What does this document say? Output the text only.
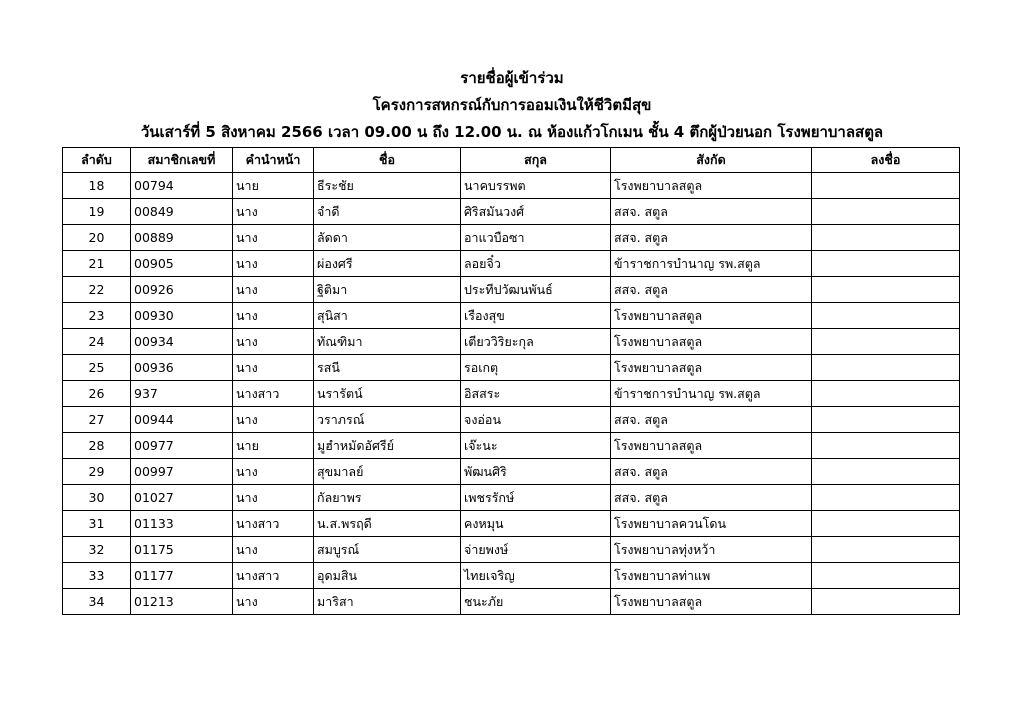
รายชื่อผู้เข้าร่วม
โครงการสหกรณ์กับการออมเงินให้ชีวิตมีสุข
วันเสาร์ที่ 5 สิงหาคม 2566 เวลา 09.00 น ถึง 12.00 น. ณ ห้องแก้วโกเมน ชั้น 4 ตึกผู้ป่วยนอก โรงพยาบาลสตูล
ลำดับ	สมาชิกเลขที่	คำนำหน้า	ชื่อ	สกุล	สังกัด	ลงชื่อ
18	00794	นาย	ธีระชัย	นาคบรรพต	โรงพยาบาลสตูล	
19	00849	นาง	จำดี	ศิริสมันวงศ์	สสจ. สตูล	
20	00889	นาง	ลัดดา	อาแวบือซา	สสจ. สตูล	
21	00905	นาง	ผ่องศรี	ลอยจิ๋ว	ข้าราชการบำนาญ รพ.สตูล	
22	00926	นาง	ฐิติมา	ประทีปวัฒนพันธ์	สสจ. สตูล	
23	00930	นาง	สุนิสา	เรืองสุข	โรงพยาบาลสตูล	
24	00934	นาง	ทัณฑิมา	เตียววิริยะกุล	โรงพยาบาลสตูล	
25	00936	นาง	รสนี	รอเกตุ	โรงพยาบาลสตูล	
26	937	นางสาว	นรารัตน์	อิสสระ	ข้าราชการบำนาญ รพ.สตูล	
27	00944	นาง	วราภรณ์	จงอ่อน	สสจ. สตูล	
28	00977	นาย	มูฮำหมัดอัศรีย์	เจ๊ะนะ	โรงพยาบาลสตูล	
29	00997	นาง	สุขมาลย์	พัฒนศิริ	สสจ. สตูล	
30	01027	นาง	กัลยาพร	เพชรรักษ์	สสจ. สตูล	
31	01133	นางสาว	น.ส.พรฤดี	คงหมุน	โรงพยาบาลควนโดน	
32	01175	นาง	สมบูรณ์	จ่ายพงษ์	โรงพยาบาลทุ่งหว้า	
33	01177	นางสาว	อุดมสิน	ไทยเจริญ	โรงพยาบาลท่าแพ	
34	01213	นาง	มาริสา	ชนะภัย	โรงพยาบาลสตูล	
